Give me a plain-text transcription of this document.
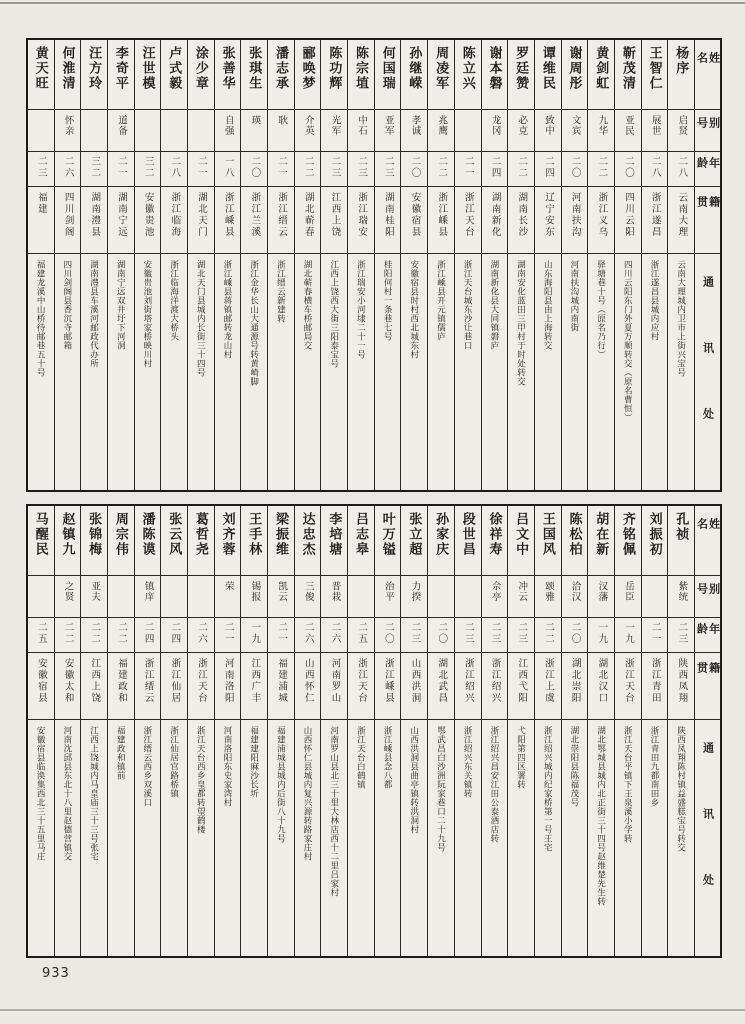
姓名
别号
年龄
籍贯
通讯处
杨序
启贤
二八
云南大理
云南大理城内卫市上街兴宝号
王智仁
展世
二八
浙江遂昌
浙江遂昌县城内应村
靳茂清
亚民
二〇
四川云阳
四川云阳东门外夏万顺转交（原名曹恒）
黄剑虹
九华
二二
浙江义乌
驿塘巷十号（原名乃行）
谢周彤
文宾
二〇
河南扶沟
河南扶沟城内南街
谭维民
致中
二四
辽宁安东
山东海阳县由上海转交
罗廷赞
必克
二二
湖南长沙
湖南安化蓝田三甲村于时处转交
谢本磐
龙冈
二四
湖南新化
湖南新化县大同镇磐庐
陈立兴
二一
浙江天台
浙江天台城东沙让巷口
周凌军
兆鹰
二二
浙江嵊县
浙江嵊县开元镇儒庐
孙继嵘
孝诚
二〇
安徽宿县
安徽宿县时村西北城东村
何国瑞
亚军
二三
湖南桂阳
桂阳何村一条巷七号
陈宗埴
中石
二三
浙江瑞安
浙江瑞安小河埭二十一号
陈功辉
光军
二三
江西上饶
江西上饶西大街三阳泰宝号
郦唤梦
介英
二二
湖北蕲春
湖北蕲春横车桥邮局交
潘志承
耿
二一
浙江缙云
浙江缙云新建转
张琪生
瑛
二〇
浙江兰溪
浙江金华长山大通源号转黄崎脚
张善华
自强
一八
浙江嵊县
浙江嵊县蒋镇邮转龙山村
涂少章
二一
湖北天门
湖北天门县城内长街三十四号
卢式毅
二八
浙江临海
浙江临海洋渡大桥头
汪世模
三二
安徽贵池
安徽贵池刘街塔家桥映川村
李奇平
道备
二一
湖南宁远
湖南宁远双井圩下河洞
汪方玲
三二
湖南澧县
湖南澧县车溪河邮政代办所
何淮清
怀亲
二六
四川剑阁
四川剑阁县香沉寺邮箱
黄天旺
二三
福建
福建龙溪中山桥待邮巷五十号
姓名
别号
年龄
籍贯
通讯处
孔祯
紫统
二三
陕西凤翔
陕西凤翔陈村镇益盛糕宝号转交
刘振初
二一
浙江青田
浙江青田九都南田乡
齐铭佩
岳臣
一九
浙江天台
浙江天台平镇下王泉溪小学转
胡在新
汉藩
一九
湖北汉口
湖北鄂城县城内北正街三十四号赵维楚先生转
陈松柏
洽汉
二〇
湖北崇阳
湖北崇阳县陈福茂号
王国风
颂雅
二二
浙江上虞
浙江绍兴城内纪家桥第一号王宅
吕文中
冲云
二三
江西弋阳
弋阳第四区署转
徐祥寿
佘亭
二三
浙江绍兴
浙江绍兴昌安江田公泰酒店转
段世昌
二三
浙江绍兴
浙江绍兴东关镇转
孙家庆
二〇
湖北武昌
鄂武昌白沙洲阮家巷口二十九号
张立超
力揆
二三
山西洪洞
山西洪洞县曲亭镇转洪洞村
叶万镒
治平
二〇
浙江嵊县
浙江嵊县念八都
吕志皋
二五
浙江天台
浙江天台白鹤镇
李培塘
普栽
二六
河南罗山
河南罗山县北三十里大林店西十二里吕家村
达忠杰
三俊
二六
山西怀仁
山西怀仁县城内复兴源转路家庄村
梁振维
凯云
二一
福建浦城
福建浦城县城内后街八十九号
王手林
锡报
一九
江西广丰
福建建阳麻沙长圻
刘齐蓉
荣
二一
河南洛阳
河南洛阳东史家湾村
葛哲尧
二六
浙江天台
浙江天台西乡皇都转望鹤楼
张云风
二四
浙江仙居
浙江仙居官路桥镇
潘陈谟
镇庠
二四
浙江缙云
浙江缙云西乡双溪口
周宗伟
二二
福建政和
福建政和镇前
张锦梅
亚夫
二二
江西上饶
江西上饶城内马皇庙三十三号张宅
赵镇九
之贤
二二
安徽太和
河南沈邱县东北十八里赵德营镇交
马醒民
二五
安徽宿县
安徽宿县临涣集西北三十五里马庄
933
